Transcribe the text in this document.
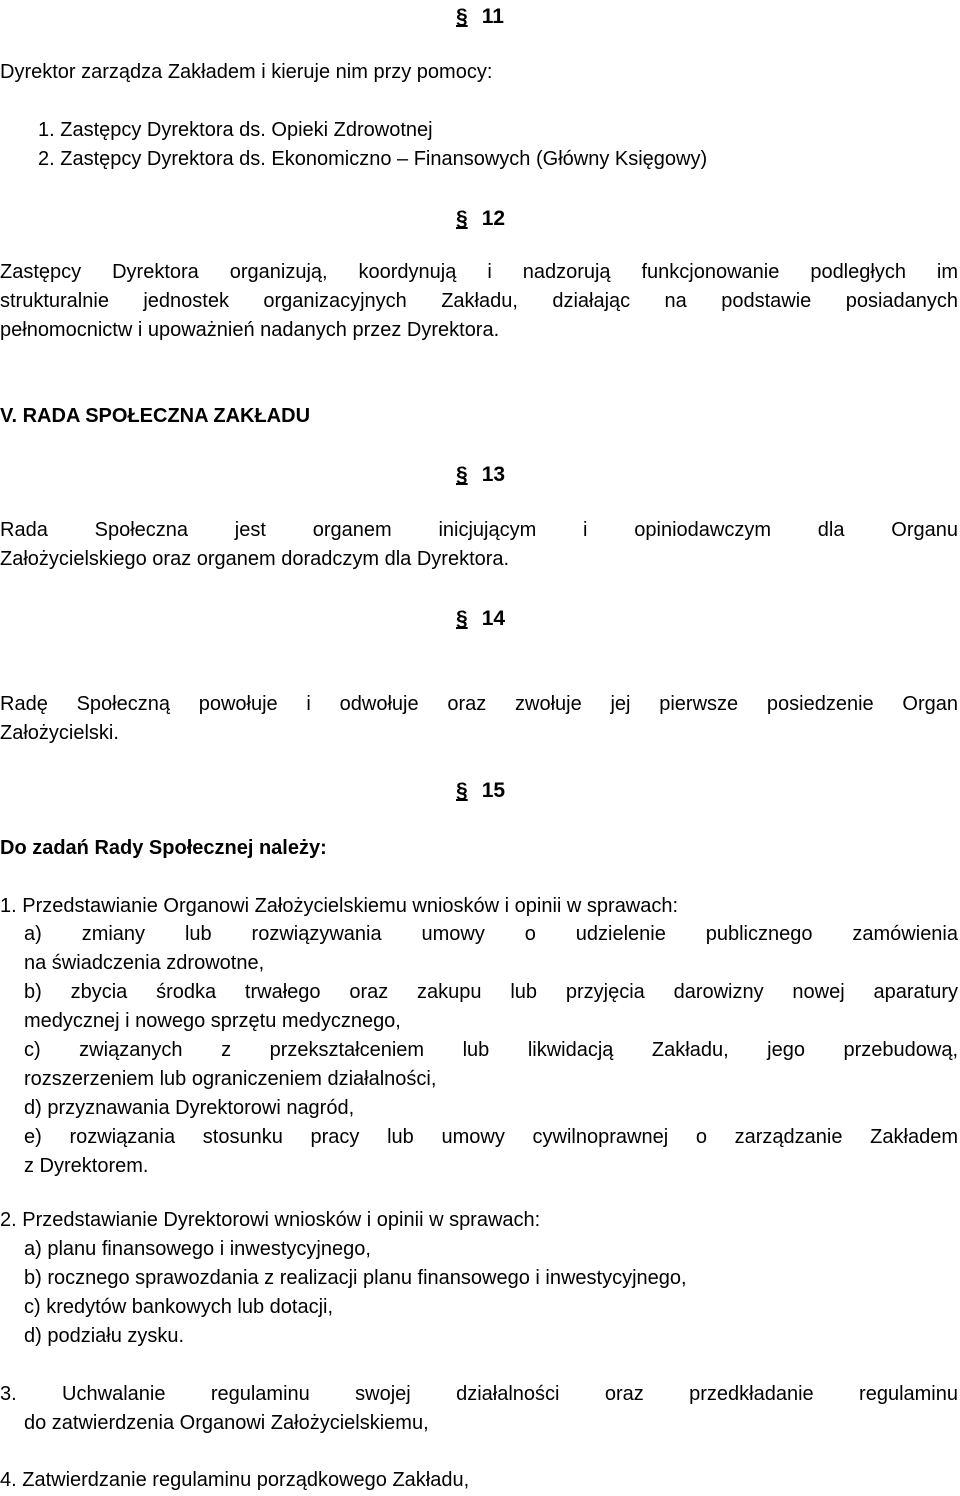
§ 11

Dyrektor zarządza Zakładem i kieruje nim przy pomocy:

1. Zastępcy Dyrektora ds. Opieki Zdrowotnej
2. Zastępcy Dyrektora ds. Ekonomiczno – Finansowych (Główny Księgowy)
§ 12
Zastępcy Dyrektora organizują, koordynują i nadzorują funkcjonowanie podległych im
strukturalnie jednostek organizacyjnych Zakładu, działając na podstawie posiadanych
pełnomocnictw i upoważnień nadanych przez Dyrektora.
V. RADA SPOŁECZNA ZAKŁADU
§ 13
Rada Społeczna jest organem inicjującym i opiniodawczym dla Organu
Założycielskiego oraz organem doradczym dla Dyrektora.
§ 14
Radę Społeczną powołuje i odwołuje oraz zwołuje jej pierwsze posiedzenie Organ
Założycielski.
§ 15
Do zadań Rady Społecznej należy:
1. Przedstawianie Organowi Założycielskiemu wniosków i opinii w sprawach:
a) zmiany lub rozwiązywania umowy o udzielenie publicznego zamówienia
na świadczenia zdrowotne,
b) zbycia środka trwałego oraz zakupu lub przyjęcia darowizny nowej aparatury
medycznej i nowego sprzętu medycznego,
c) związanych z przekształceniem lub likwidacją Zakładu, jego przebudową,
rozszerzeniem lub ograniczeniem działalności,
d) przyznawania Dyrektorowi nagród,
e) rozwiązania stosunku pracy lub umowy cywilnoprawnej o zarządzanie Zakładem
z Dyrektorem.
2. Przedstawianie Dyrektorowi wniosków i opinii w sprawach:
a) planu finansowego i inwestycyjnego,
b) rocznego sprawozdania z realizacji planu finansowego i inwestycyjnego,
c) kredytów bankowych lub dotacji,
d) podziału zysku.
3. Uchwalanie regulaminu swojej działalności oraz przedkładanie regulaminu
do zatwierdzenia Organowi Założycielskiemu,
4. Zatwierdzanie regulaminu porządkowego Zakładu,
